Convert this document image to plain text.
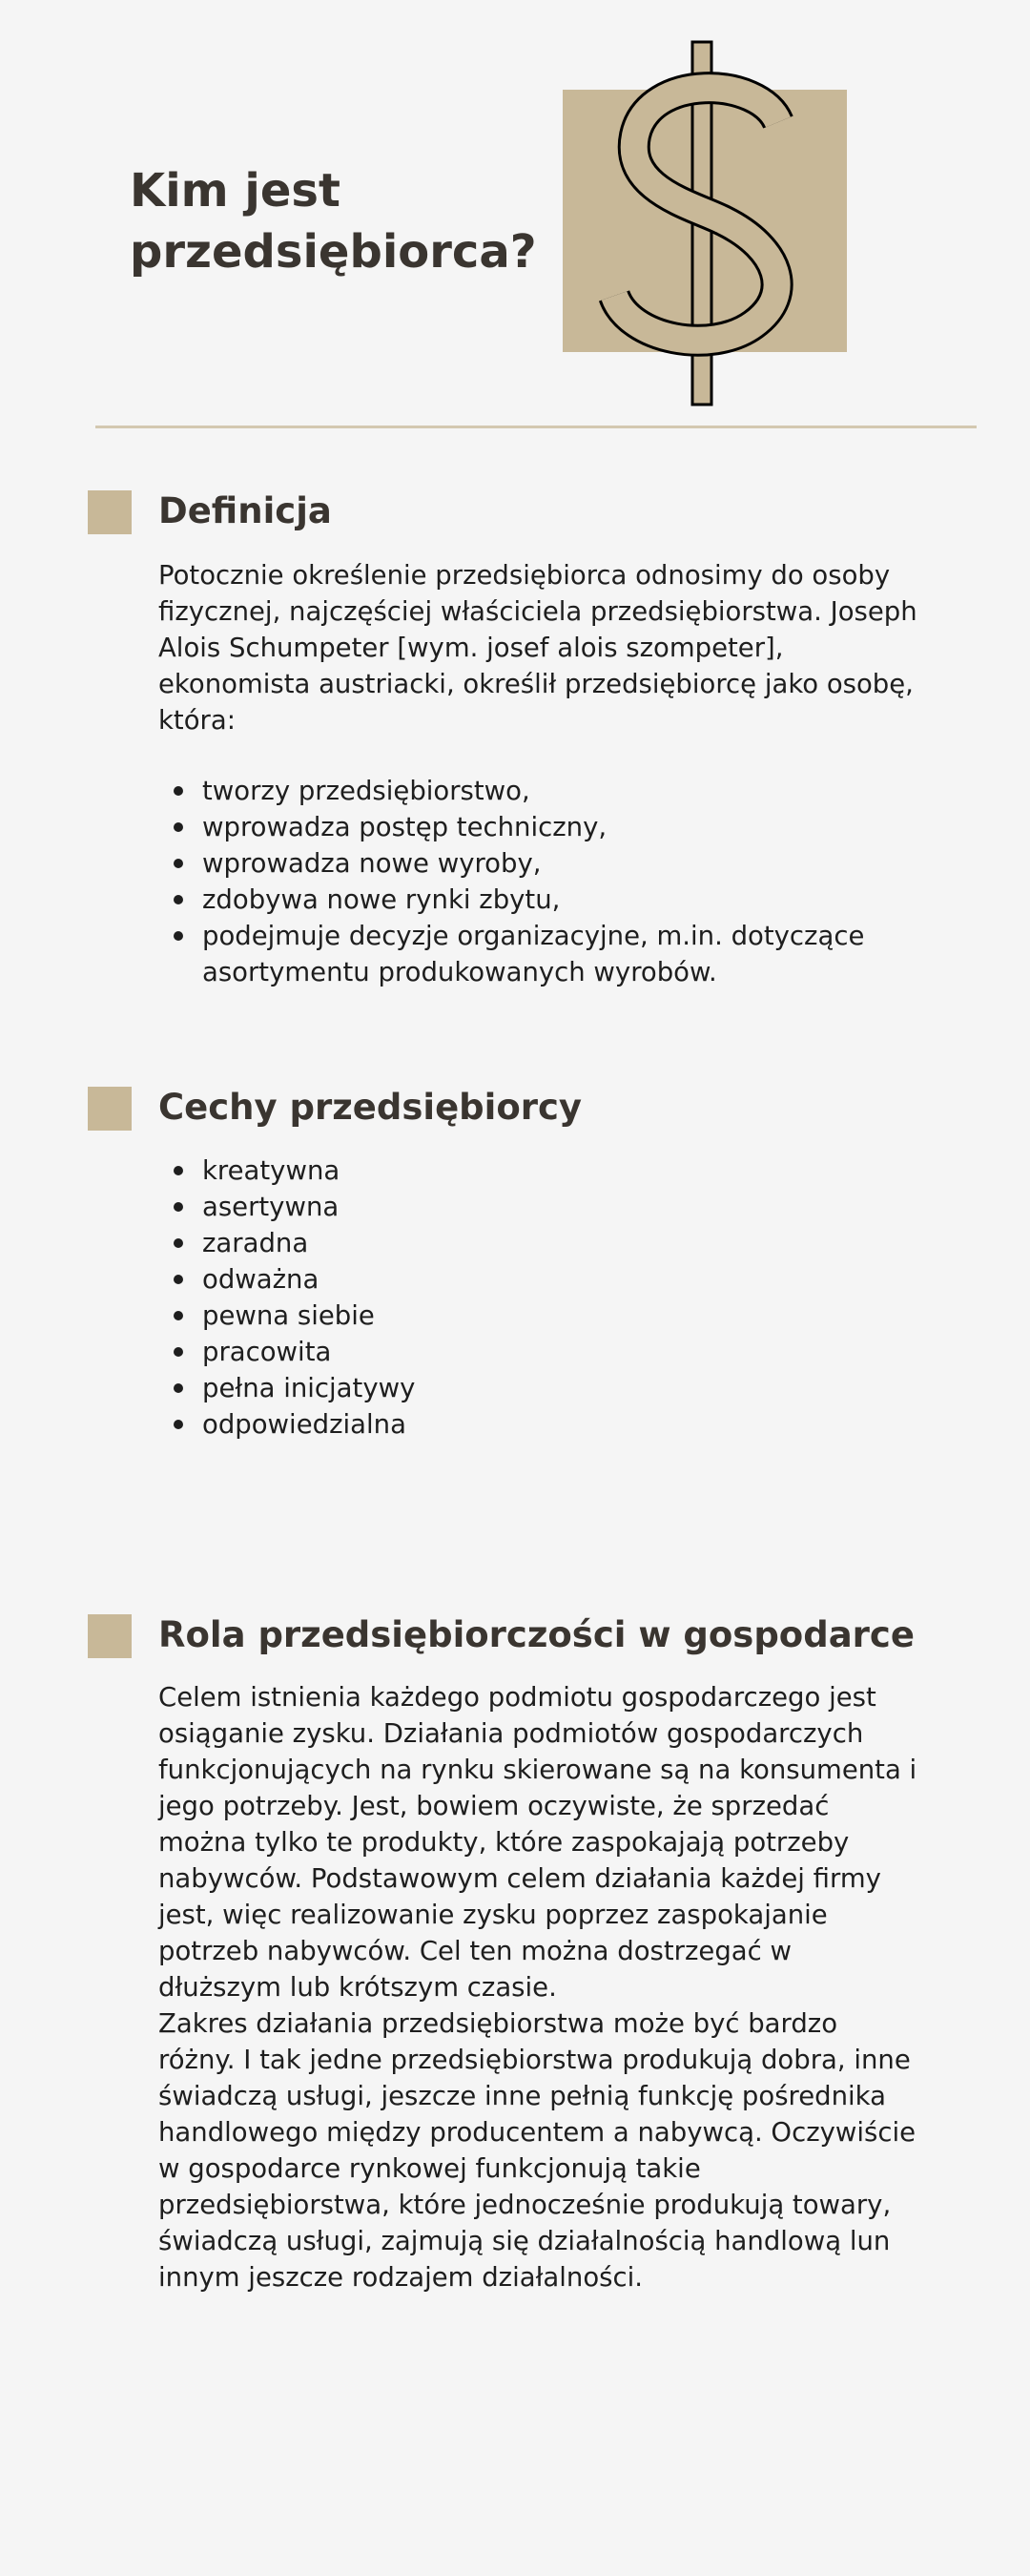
Kim jest
przedsiębiorca?
Definicja

Potocznie określenie przedsiębiorca odnosimy do osoby fizycznej, najczęściej właściciela przedsiębiorstwa. Joseph Alois Schumpeter [wym. josef alois szompeter], ekonomista austriacki, określił przedsiębiorcę jako osobę,
która:

tworzy przedsiębiorstwo,
wprowadza postęp techniczny,
wprowadza nowe wyroby,
zdobywa nowe rynki zbytu,
podejmuje decyzje organizacyjne, m.in. dotyczące asortymentu produkowanych wyrobów.
Cechy przedsiębiorcy
kreatywna
asertywna
zaradna
odważna
pewna siebie
pracowita
pełna inicjatywy
odpowiedzialna
Rola przedsiębiorczości w gospodarce

Celem istnienia każdego podmiotu gospodarczego jest osiąganie zysku. Działania podmiotów gospodarczych funkcjonujących na rynku skierowane są na konsumenta i jego potrzeby. Jest, bowiem oczywiste, że sprzedać można tylko te produkty, które zaspokajają potrzeby nabywców. Podstawowym celem działania każdej firmy jest, więc realizowanie zysku poprzez zaspokajanie potrzeb nabywców. Cel ten można dostrzegać w dłuższym lub krótszym czasie.
Zakres działania przedsiębiorstwa może być bardzo różny. I tak jedne przedsiębiorstwa produkują dobra, inne świadczą usługi, jeszcze inne pełnią funkcję pośrednika handlowego między producentem a nabywcą. Oczywiście w gospodarce rynkowej funkcjonują takie przedsiębiorstwa, które jednocześnie produkują towary, świadczą usługi, zajmują się działalnością handlową lun innym jeszcze rodzajem działalności.
